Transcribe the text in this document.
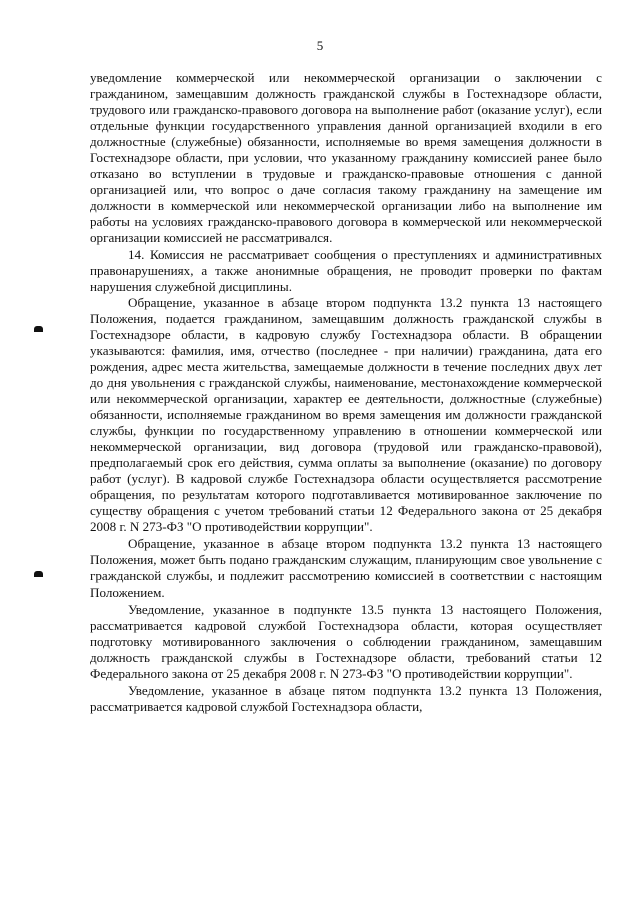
5

уведомление коммерческой или некоммерческой организации о заключении с гражданином, замещавшим должность гражданской службы в Гостехнадзоре области, трудового или гражданско-правового договора на выполнение работ (оказание услуг), если отдельные функции государственного управления данной организацией входили в его должностные (служебные) обязанности, исполняемые во время замещения должности в Гостехнадзоре области, при условии, что указанному гражданину комиссией ранее было отказано во вступлении в трудовые и гражданско-правовые отношения с данной организацией или, что вопрос о даче согласия такому гражданину на замещение им должности в коммерческой или некоммерческой организации либо на выполнение им работы на условиях гражданско-правового договора в коммерческой или некоммерческой организации комиссией не рассматривался.

14. Комиссия не рассматривает сообщения о преступлениях и административных правонарушениях, а также анонимные обращения, не проводит проверки по фактам нарушения служебной дисциплины.

Обращение, указанное в абзаце втором подпункта 13.2 пункта 13 настоящего Положения, подается гражданином, замещавшим должность гражданской службы в Гостехнадзоре области, в кадровую службу Гостехнадзора области. В обращении указываются: фамилия, имя, отчество (последнее - при наличии) гражданина, дата его рождения, адрес места жительства, замещаемые должности в течение последних двух лет до дня увольнения с гражданской службы, наименование, местонахождение коммерческой или некоммерческой организации, характер ее деятельности, должностные (служебные) обязанности, исполняемые гражданином во время замещения им должности гражданской службы, функции по государственному управлению в отношении коммерческой или некоммерческой организации, вид договора (трудовой или гражданско-правовой), предполагаемый срок его действия, сумма оплаты за выполнение (оказание) по договору работ (услуг). В кадровой службе Гостехнадзора области осуществляется рассмотрение обращения, по результатам которого подготавливается мотивированное заключение по существу обращения с учетом требований статьи 12 Федерального закона от 25 декабря 2008 г. N 273-ФЗ "О противодействии коррупции".

Обращение, указанное в абзаце втором подпункта 13.2 пункта 13 настоящего Положения, может быть подано гражданским служащим, планирующим свое увольнение с гражданской службы, и подлежит рассмотрению комиссией в соответствии с настоящим Положением.

Уведомление, указанное в подпункте 13.5 пункта 13 настоящего Положения, рассматривается кадровой службой Гостехнадзора области, которая осуществляет подготовку мотивированного заключения о соблюдении гражданином, замещавшим должность гражданской службы в Гостехнадзоре области, требований статьи 12 Федерального закона от 25 декабря 2008 г. N 273-ФЗ "О противодействии коррупции".

Уведомление, указанное в абзаце пятом подпункта 13.2 пункта 13 Положения, рассматривается кадровой службой Гостехнадзора области,
